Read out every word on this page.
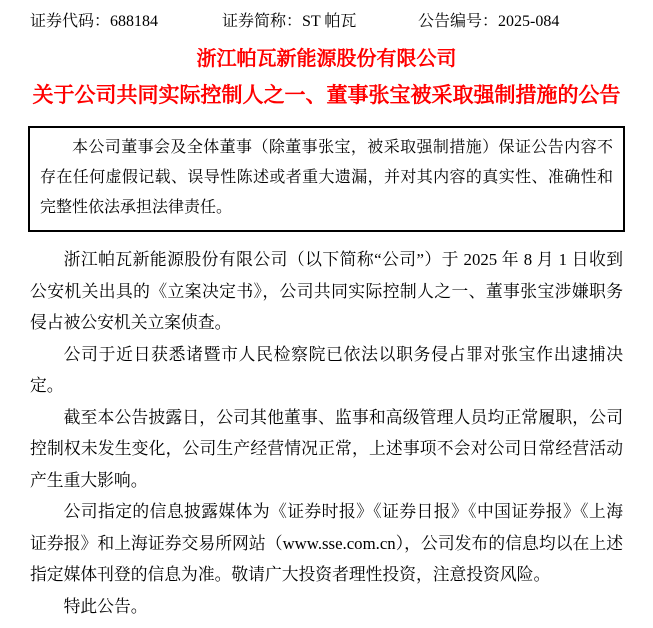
证券代码：688184	证券简称：ST 帕瓦	公告编号：2025-084
浙江帕瓦新能源股份有限公司
关于公司共同实际控制人之一、董事张宝被采取强制措施的公告

本公司董事会及全体董事（除董事张宝，被采取强制措施）保证公告内容不存在任何虚假记载、误导性陈述或者重大遗漏，并对其内容的真实性、准确性和完整性依法承担法律责任。

浙江帕瓦新能源股份有限公司（以下简称“公司”）于 2025 年 8 月 1 日收到公安机关出具的《立案决定书》，公司共同实际控制人之一、董事张宝涉嫌职务侵占被公安机关立案侦查。

公司于近日获悉诸暨市人民检察院已依法以职务侵占罪对张宝作出逮捕决定。

截至本公告披露日，公司其他董事、监事和高级管理人员均正常履职，公司控制权未发生变化，公司生产经营情况正常，上述事项不会对公司日常经营活动产生重大影响。

公司指定的信息披露媒体为《证券时报》《证券日报》《中国证券报》《上海证券报》和上海证券交易所网站（www.sse.com.cn），公司发布的信息均以在上述指定媒体刊登的信息为准。敬请广大投资者理性投资，注意投资风险。

特此公告。
